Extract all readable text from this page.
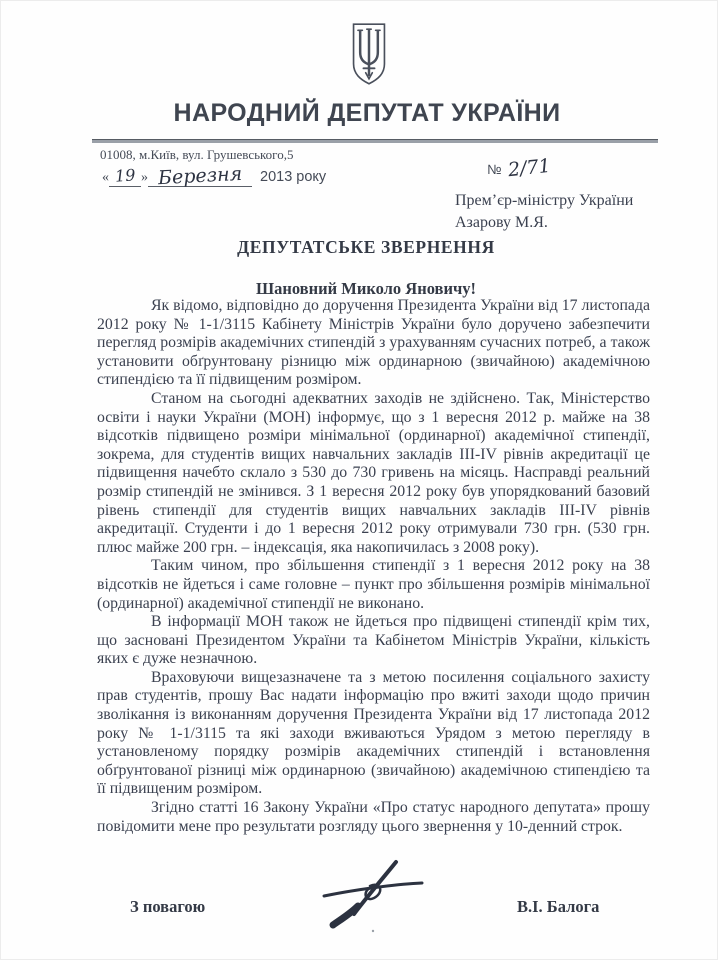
НАРОДНИЙ ДЕПУТАТ УКРАЇНИ
01008, м.Київ, вул. Грушевського,5
« 19 » Березня 2013 року	№ 2/71
Прем’єр-міністру України
Азарову М.Я.
ДЕПУТАТСЬКЕ ЗВЕРНЕННЯ
Шановний Миколо Яновичу!

Як відомо, відповідно до доручення Президента України від 17 листопада 2012 року № 1-1/3115 Кабінету Міністрів України було доручено забезпечити перегляд розмірів академічних стипендій з урахуванням сучасних потреб, а також установити обґрунтовану різницю між ординарною (звичайною) академічною стипендією та її підвищеним розміром.

Станом на сьогодні адекватних заходів не здійснено. Так, Міністерство освіти і науки України (МОН) інформує, що з 1 вересня 2012 р. майже на 38 відсотків підвищено розміри мінімальної (ординарної) академічної стипендії, зокрема, для студентів вищих навчальних закладів III-IV рівнів акредитації це підвищення начебто склало з 530 до 730 гривень на місяць. Насправді реальний розмір стипендій не змінився. З 1 вересня 2012 року був упорядкований базовий рівень стипендії для студентів вищих навчальних закладів III-IV рівнів акредитації. Студенти і до 1 вересня 2012 року отримували 730 грн. (530 грн. плюс майже 200 грн. – індексація, яка накопичилась з 2008 року).

Таким чином, про збільшення стипендії з 1 вересня 2012 року на 38 відсотків не йдеться і саме головне – пункт про збільшення розмірів мінімальної (ординарної) академічної стипендії не виконано.

В інформації МОН також не йдеться про підвищені стипендії крім тих, що засновані Президентом України та Кабінетом Міністрів України, кількість яких є дуже незначною.

Враховуючи вищезазначене та з метою посилення соціального захисту прав студентів, прошу Вас надати інформацію про вжиті заходи щодо причин зволікання із виконанням доручення Президента України від 17 листопада 2012 року № 1-1/3115 та які заходи вживаються Урядом з метою перегляду в установленому порядку розмірів академічних стипендій і встановлення обґрунтованої різниці між ординарною (звичайною) академічною стипендією та її підвищеним розміром.

Згідно статті 16 Закону України «Про статус народного депутата» прошу повідомити мене про результати розгляду цього звернення у 10-денний строк.

З повагою	В.І. Балога
